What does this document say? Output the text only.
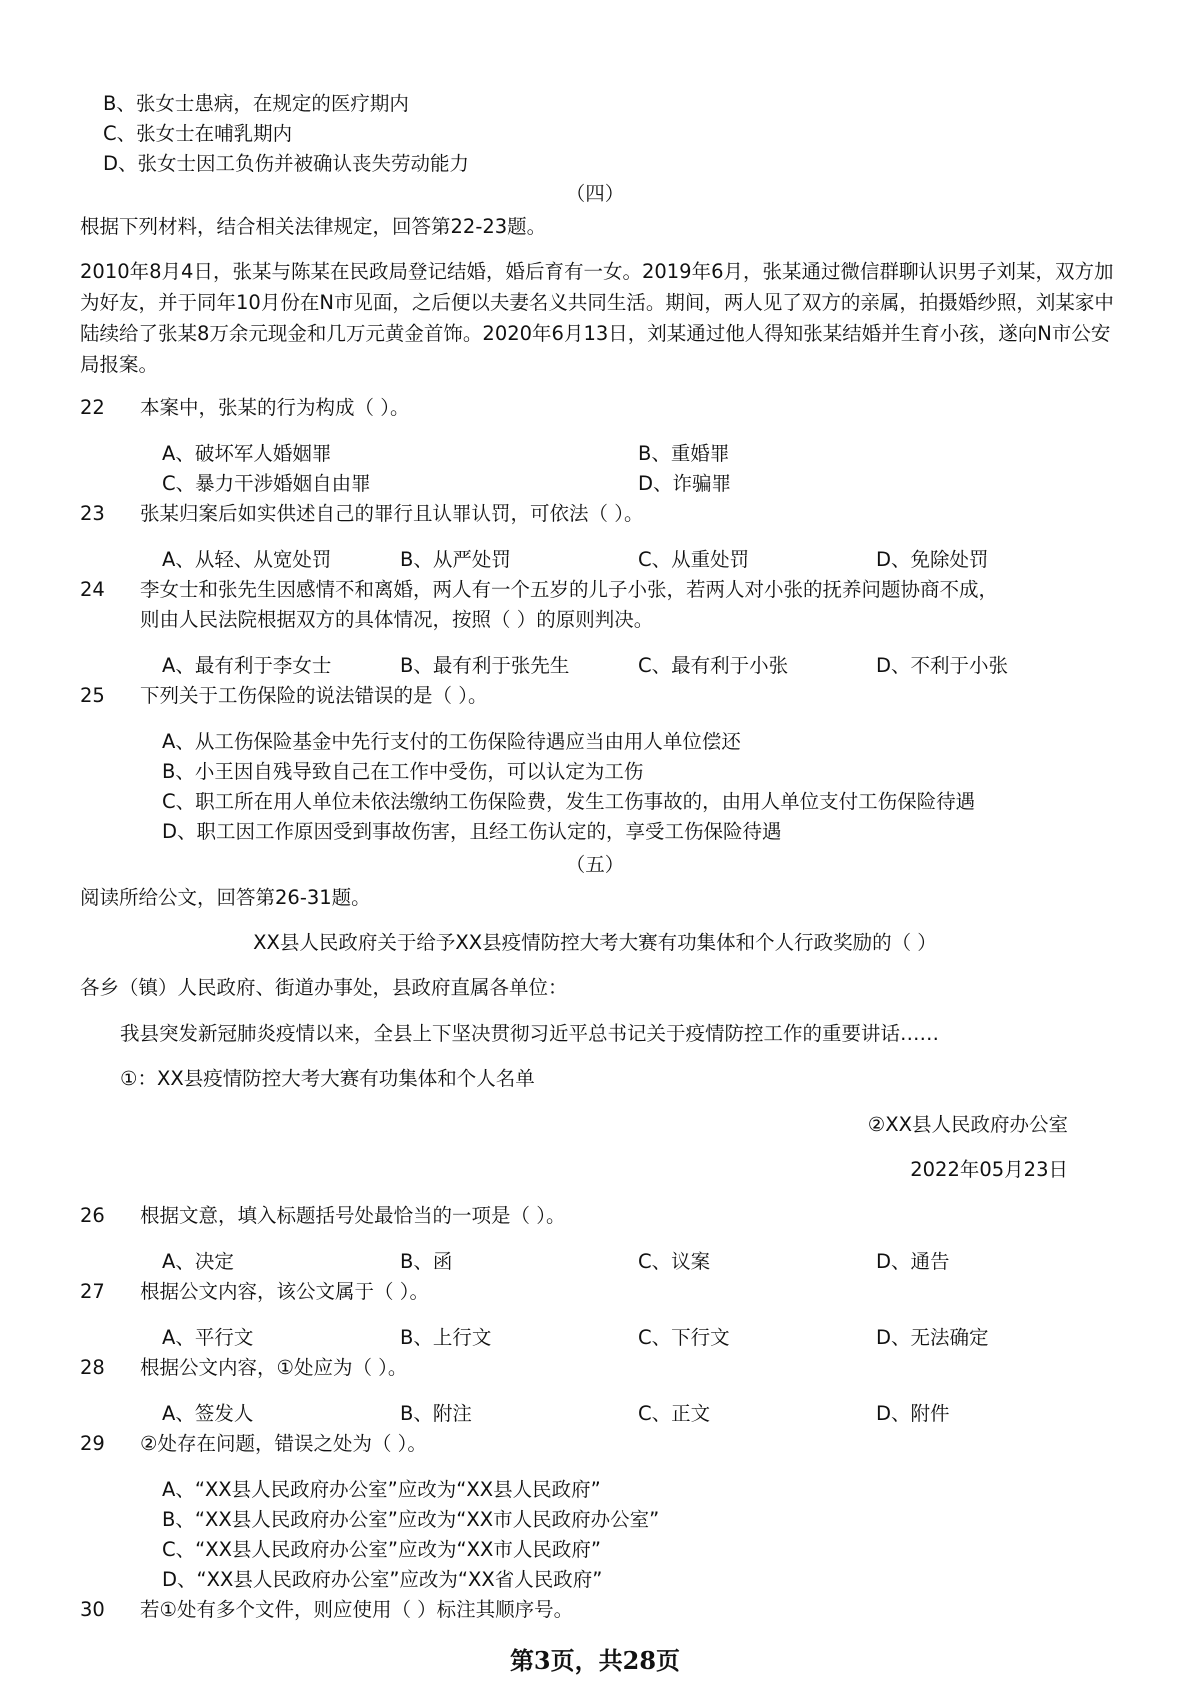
B、张女士患病，在规定的医疗期内
C、张女士在哺乳期内
D、张女士因工负伤并被确认丧失劳动能力
（四）
根据下列材料，结合相关法律规定，回答第22-23题。
2010年8月4日，张某与陈某在民政局登记结婚，婚后育有一女。2019年6月，张某通过微信群聊认识男子刘某，双方加为好友，并于同年10月份在N市见面，之后便以夫妻名义共同生活。期间，两人见了双方的亲属，拍摄婚纱照，刘某家中陆续给了张某8万余元现金和几万元黄金首饰。2020年6月13日，刘某通过他人得知张某结婚并生育小孩，遂向N市公安局报案。
22 本案中，张某的行为构成（ ）。
A、破坏军人婚姻罪	B、重婚罪
C、暴力干涉婚姻自由罪	D、诈骗罪
23 张某归案后如实供述自己的罪行且认罪认罚，可依法（ ）。
A、从轻、从宽处罚	B、从严处罚	C、从重处罚	D、免除处罚
24 李女士和张先生因感情不和离婚，两人有一个五岁的儿子小张，若两人对小张的抚养问题协商不成，
则由人民法院根据双方的具体情况，按照（ ）的原则判决。
A、最有利于李女士	B、最有利于张先生	C、最有利于小张	D、不利于小张
25 下列关于工伤保险的说法错误的是（ ）。
A、从工伤保险基金中先行支付的工伤保险待遇应当由用人单位偿还
B、小王因自残导致自己在工作中受伤，可以认定为工伤
C、职工所在用人单位未依法缴纳工伤保险费，发生工伤事故的，由用人单位支付工伤保险待遇
D、职工因工作原因受到事故伤害，且经工伤认定的，享受工伤保险待遇
（五）
阅读所给公文，回答第26-31题。
XX县人民政府关于给予XX县疫情防控大考大赛有功集体和个人行政奖励的（ ）
各乡（镇）人民政府、街道办事处，县政府直属各单位：
我县突发新冠肺炎疫情以来，全县上下坚决贯彻习近平总书记关于疫情防控工作的重要讲话……
①：XX县疫情防控大考大赛有功集体和个人名单
②XX县人民政府办公室
2022年05月23日
26 根据文意，填入标题括号处最恰当的一项是（ ）。
A、决定	B、函	C、议案	D、通告
27 根据公文内容，该公文属于（ ）。
A、平行文	B、上行文	C、下行文	D、无法确定
28 根据公文内容，①处应为（ ）。
A、签发人	B、附注	C、正文	D、附件
29 ②处存在问题，错误之处为（ ）。
A、“XX县人民政府办公室”应改为“XX县人民政府”
B、“XX县人民政府办公室”应改为“XX市人民政府办公室”
C、“XX县人民政府办公室”应改为“XX市人民政府”
D、“XX县人民政府办公室”应改为“XX省人民政府”
30 若①处有多个文件，则应使用（ ）标注其顺序号。
第3页，共28页
